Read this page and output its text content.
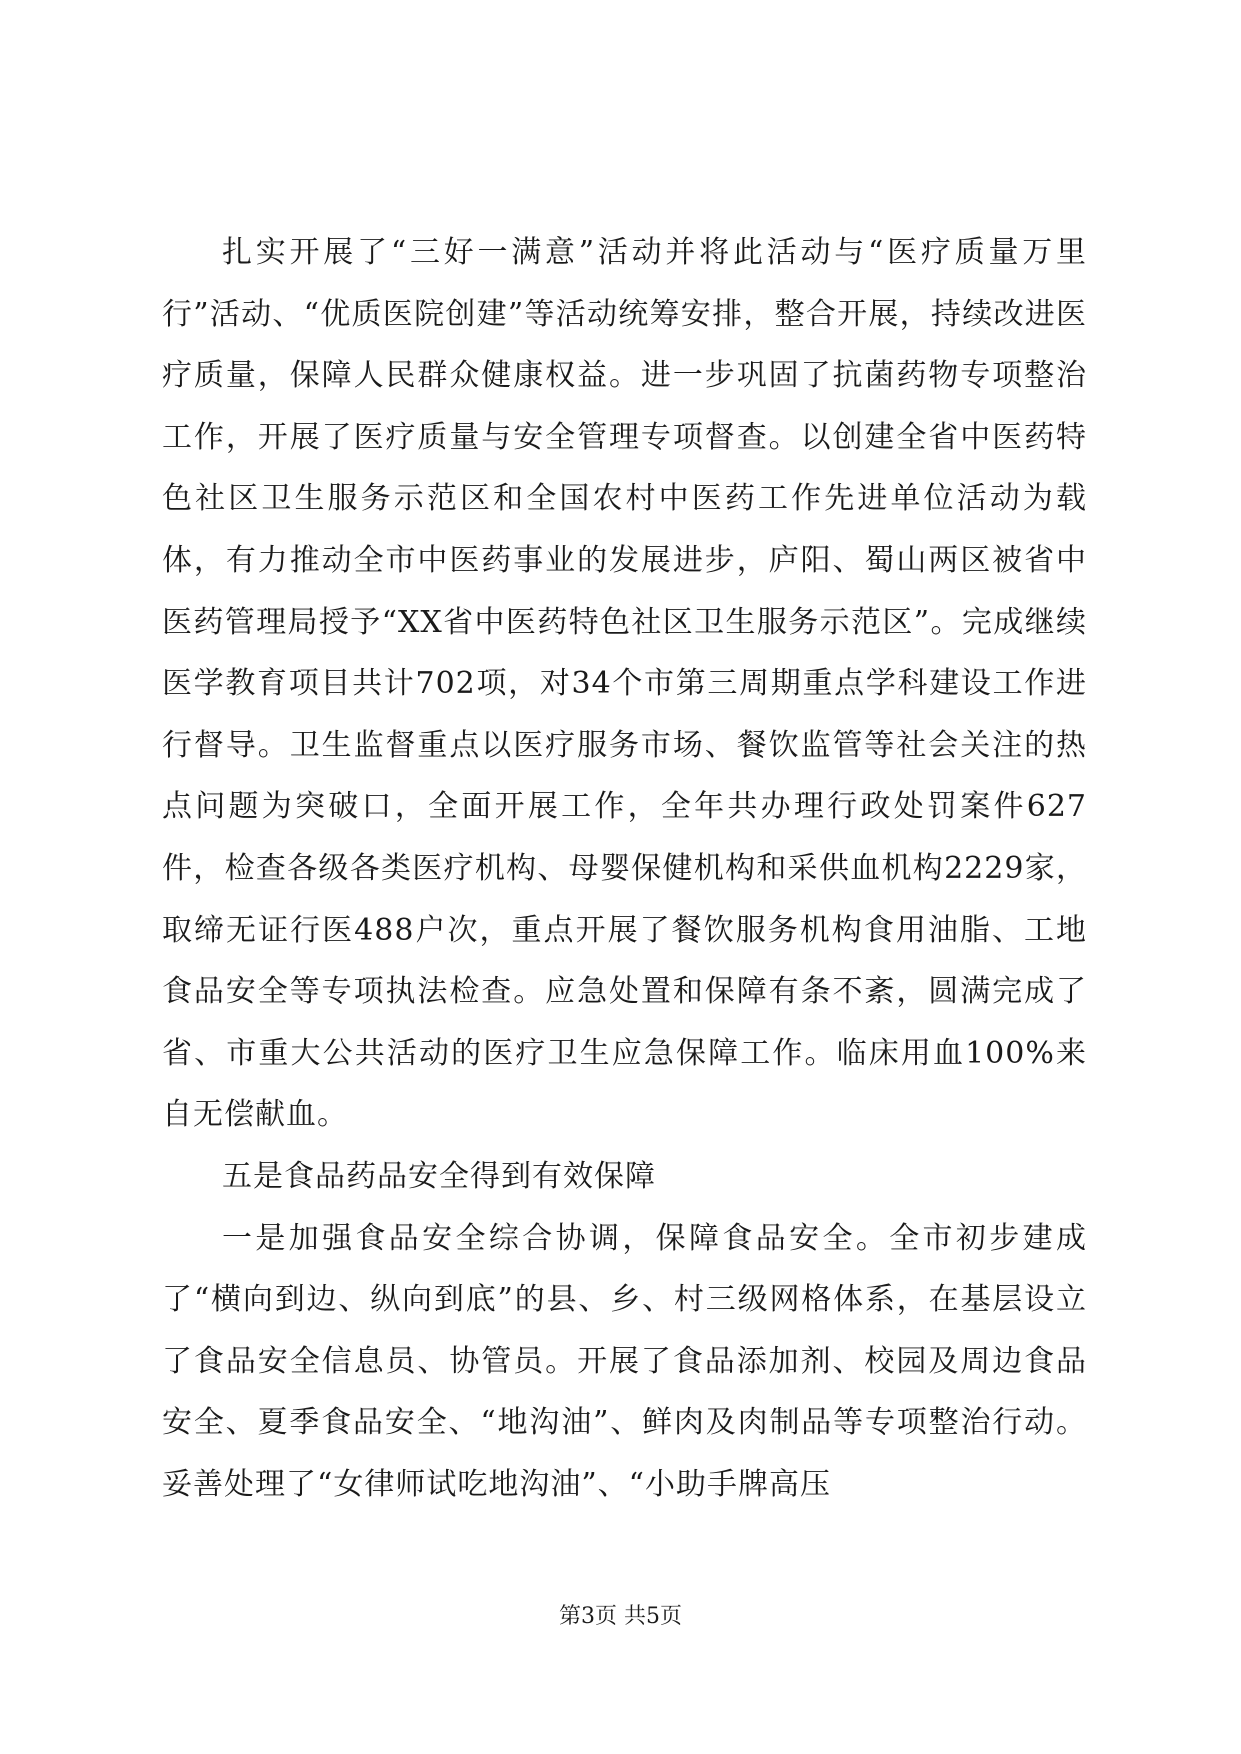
扎实开展了“三好一满意”活动并将此活动与“医疗质量万里行”活动、“优质医院创建”等活动统筹安排，整合开展，持续改进医疗质量，保障人民群众健康权益。进一步巩固了抗菌药物专项整治工作，开展了医疗质量与安全管理专项督查。以创建全省中医药特色社区卫生服务示范区和全国农村中医药工作先进单位活动为载体，有力推动全市中医药事业的发展进步，庐阳、蜀山两区被省中医药管理局授予“XX省中医药特色社区卫生服务示范区”。完成继续医学教育项目共计702项，对34个市第三周期重点学科建设工作进行督导。卫生监督重点以医疗服务市场、餐饮监管等社会关注的热点问题为突破口，全面开展工作，全年共办理行政处罚案件627件，检查各级各类医疗机构、母婴保健机构和采供血机构2229家，取缔无证行医488户次，重点开展了餐饮服务机构食用油脂、工地食品安全等专项执法检查。应急处置和保障有条不紊，圆满完成了省、市重大公共活动的医疗卫生应急保障工作。临床用血100%来自无偿献血。

五是食品药品安全得到有效保障

一是加强食品安全综合协调，保障食品安全。全市初步建成了“横向到边、纵向到底”的县、乡、村三级网格体系，在基层设立了食品安全信息员、协管员。开展了食品添加剂、校园及周边食品安全、夏季食品安全、“地沟油”、鲜肉及肉制品等专项整治行动。妥善处理了“女律师试吃地沟油”、“小助手牌高压

第3页 共5页
